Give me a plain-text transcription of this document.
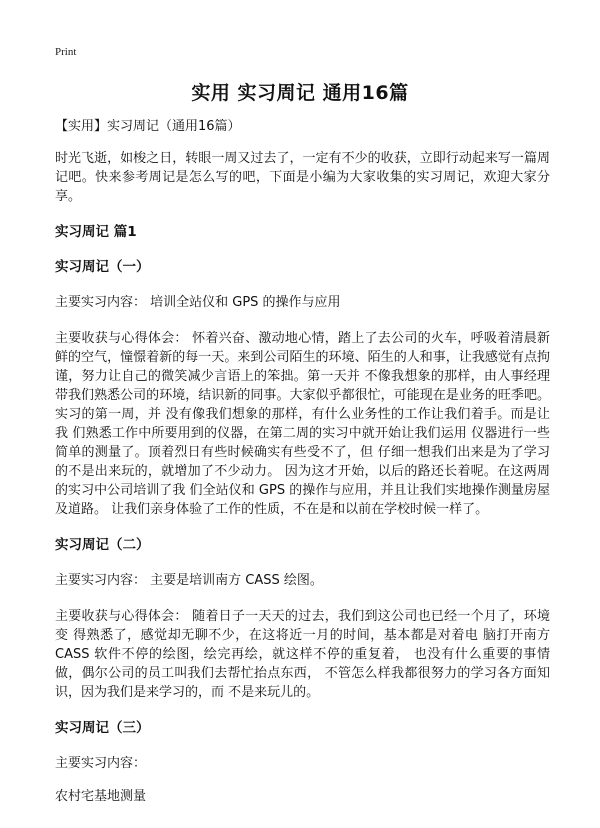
Print
实用 实习周记 通用16篇

【实用】实习周记（通用16篇）

时光飞逝，如梭之日，转眼一周又过去了，一定有不少的收获，立即行动起来写一篇周记吧。快来参考周记是怎么写的吧，下面是小编为大家收集的实习周记，欢迎大家分享。

实习周记 篇1

实习周记（一）

主要实习内容： 培训全站仪和 GPS 的操作与应用

主要收获与心得体会： 怀着兴奋、激动地心情，踏上了去公司的火车，呼吸着清晨新鲜的空气，憧憬着新的每一天。来到公司陌生的环境、陌生的人和事，让我感觉有点拘谨，努力让自己的微笑减少言语上的笨拙。第一天并 不像我想象的那样，由人事经理带我们熟悉公司的环境，结识新的同事。大家似乎都很忙，可能现在是业务的旺季吧。实习的第一周，并 没有像我们想象的那样，有什么业务性的工作让我们着手。而是让我 们熟悉工作中所要用到的仪器，在第二周的实习中就开始让我们运用 仪器进行一些简单的测量了。顶着烈日有些时候确实有些受不了，但 仔细一想我们出来是为了学习的不是出来玩的，就增加了不少动力。 因为这才开始，以后的路还长着呢。在这两周的实习中公司培训了我 们全站仪和 GPS 的操作与应用，并且让我们实地操作测量房屋及道路。 让我们亲身体验了工作的性质，不在是和以前在学校时候一样了。

实习周记（二）

主要实习内容： 主要是培训南方 CASS 绘图。

主要收获与心得体会： 随着日子一天天的过去，我们到这公司也已经一个月了，环境变 得熟悉了，感觉却无聊不少，在这将近一月的时间，基本都是对着电 脑打开南方 CASS 软件不停的绘图，绘完再绘，就这样不停的重复着， 也没有什么重要的事情做，偶尔公司的员工叫我们去帮忙抬点东西， 不管怎么样我都很努力的学习各方面知识，因为我们是来学习的，而 不是来玩儿的。

实习周记（三）

主要实习内容：

农村宅基地测量
